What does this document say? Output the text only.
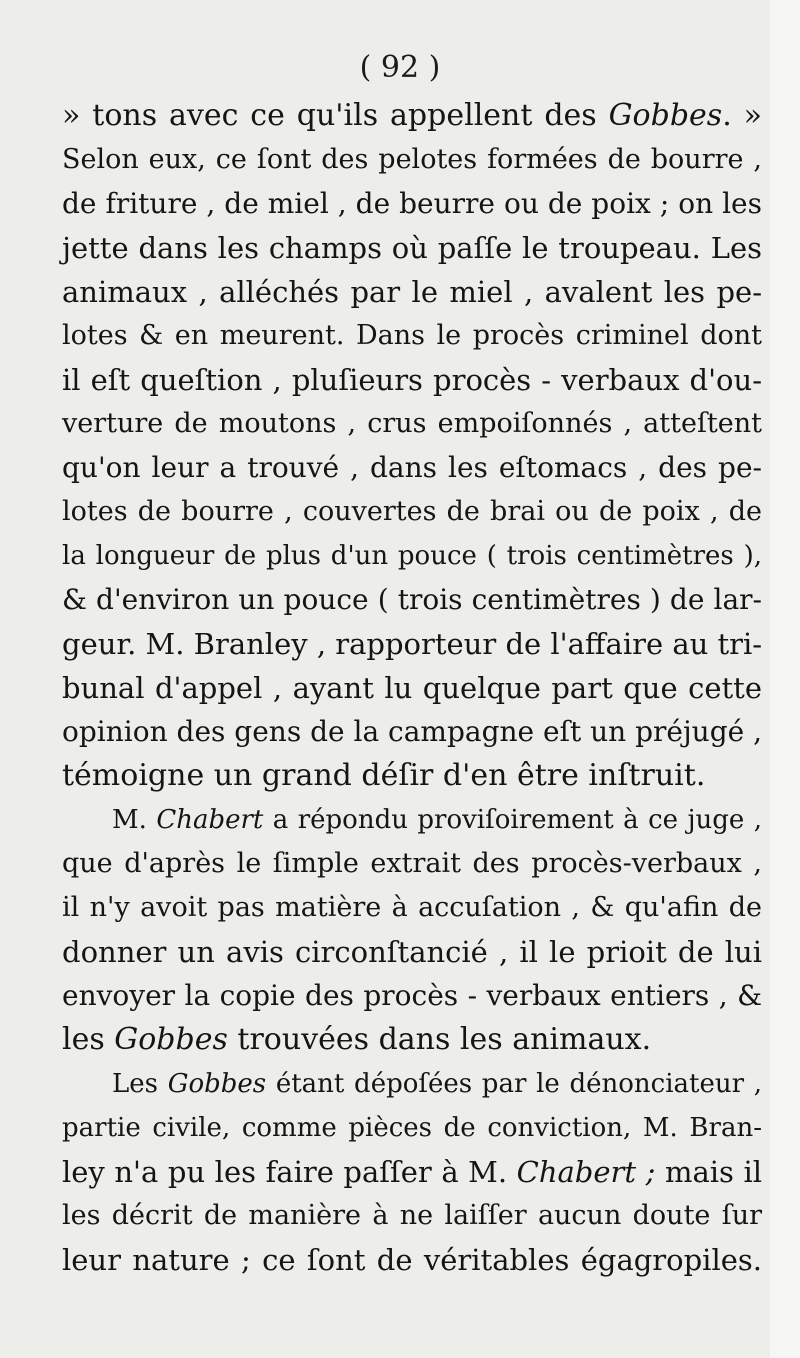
( 92 )
» tons avec ce qu'ils appellent des Gobbes. »
Selon eux, ce ſont des pelotes formées de bourre ,
de friture , de miel , de beurre ou de poix ; on les
jette dans les champs où paſſe le troupeau. Les
animaux , alléchés par le miel , avalent les pe-
lotes & en meurent. Dans le procès criminel dont
il eſt queſtion , pluſieurs procès - verbaux d'ou-
verture de moutons , crus empoiſonnés , atteſtent
qu'on leur a trouvé , dans les eſtomacs , des pe-
lotes de bourre , couvertes de brai ou de poix , de
la longueur de plus d'un pouce ( trois centimètres ),
& d'environ un pouce ( trois centimètres ) de lar-
geur. M. Branley , rapporteur de l'affaire au tri-
bunal d'appel , ayant lu quelque part que cette
opinion des gens de la campagne eſt un préjugé ,
témoigne un grand déſir d'en être inſtruit.
M. Chabert a répondu proviſoirement à ce juge ,
que d'après le ſimple extrait des procès-verbaux ,
il n'y avoit pas matière à accuſation , & qu'afin de
donner un avis circonſtancié , il le prioit de lui
envoyer la copie des procès - verbaux entiers , &
les Gobbes trouvées dans les animaux.
Les Gobbes étant dépoſées par le dénonciateur ,
partie civile, comme pièces de conviction, M. Bran-
ley n'a pu les faire paſſer à M. Chabert ; mais il
les décrit de manière à ne laiſſer aucun doute ſur
leur nature ; ce ſont de véritables égagropiles.
